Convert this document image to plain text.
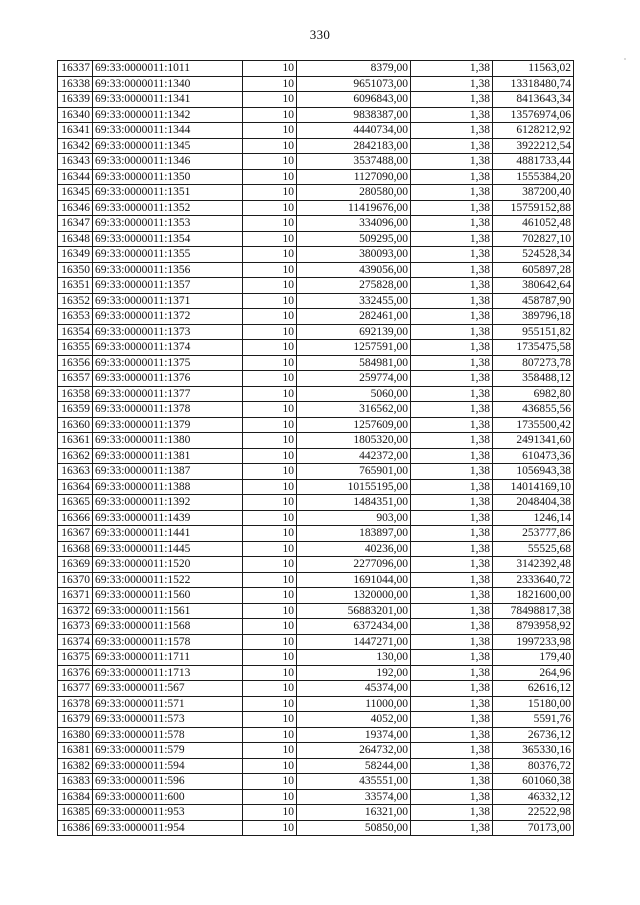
330
16337	69:33:0000011:1011	10	8379,00	1,38	11563,02
16338	69:33:0000011:1340	10	9651073,00	1,38	13318480,74
16339	69:33:0000011:1341	10	6096843,00	1,38	8413643,34
16340	69:33:0000011:1342	10	9838387,00	1,38	13576974,06
16341	69:33:0000011:1344	10	4440734,00	1,38	6128212,92
16342	69:33:0000011:1345	10	2842183,00	1,38	3922212,54
16343	69:33:0000011:1346	10	3537488,00	1,38	4881733,44
16344	69:33:0000011:1350	10	1127090,00	1,38	1555384,20
16345	69:33:0000011:1351	10	280580,00	1,38	387200,40
16346	69:33:0000011:1352	10	11419676,00	1,38	15759152,88
16347	69:33:0000011:1353	10	334096,00	1,38	461052,48
16348	69:33:0000011:1354	10	509295,00	1,38	702827,10
16349	69:33:0000011:1355	10	380093,00	1,38	524528,34
16350	69:33:0000011:1356	10	439056,00	1,38	605897,28
16351	69:33:0000011:1357	10	275828,00	1,38	380642,64
16352	69:33:0000011:1371	10	332455,00	1,38	458787,90
16353	69:33:0000011:1372	10	282461,00	1,38	389796,18
16354	69:33:0000011:1373	10	692139,00	1,38	955151,82
16355	69:33:0000011:1374	10	1257591,00	1,38	1735475,58
16356	69:33:0000011:1375	10	584981,00	1,38	807273,78
16357	69:33:0000011:1376	10	259774,00	1,38	358488,12
16358	69:33:0000011:1377	10	5060,00	1,38	6982,80
16359	69:33:0000011:1378	10	316562,00	1,38	436855,56
16360	69:33:0000011:1379	10	1257609,00	1,38	1735500,42
16361	69:33:0000011:1380	10	1805320,00	1,38	2491341,60
16362	69:33:0000011:1381	10	442372,00	1,38	610473,36
16363	69:33:0000011:1387	10	765901,00	1,38	1056943,38
16364	69:33:0000011:1388	10	10155195,00	1,38	14014169,10
16365	69:33:0000011:1392	10	1484351,00	1,38	2048404,38
16366	69:33:0000011:1439	10	903,00	1,38	1246,14
16367	69:33:0000011:1441	10	183897,00	1,38	253777,86
16368	69:33:0000011:1445	10	40236,00	1,38	55525,68
16369	69:33:0000011:1520	10	2277096,00	1,38	3142392,48
16370	69:33:0000011:1522	10	1691044,00	1,38	2333640,72
16371	69:33:0000011:1560	10	1320000,00	1,38	1821600,00
16372	69:33:0000011:1561	10	56883201,00	1,38	78498817,38
16373	69:33:0000011:1568	10	6372434,00	1,38	8793958,92
16374	69:33:0000011:1578	10	1447271,00	1,38	1997233,98
16375	69:33:0000011:1711	10	130,00	1,38	179,40
16376	69:33:0000011:1713	10	192,00	1,38	264,96
16377	69:33:0000011:567	10	45374,00	1,38	62616,12
16378	69:33:0000011:571	10	11000,00	1,38	15180,00
16379	69:33:0000011:573	10	4052,00	1,38	5591,76
16380	69:33:0000011:578	10	19374,00	1,38	26736,12
16381	69:33:0000011:579	10	264732,00	1,38	365330,16
16382	69:33:0000011:594	10	58244,00	1,38	80376,72
16383	69:33:0000011:596	10	435551,00	1,38	601060,38
16384	69:33:0000011:600	10	33574,00	1,38	46332,12
16385	69:33:0000011:953	10	16321,00	1,38	22522,98
16386	69:33:0000011:954	10	50850,00	1,38	70173,00
